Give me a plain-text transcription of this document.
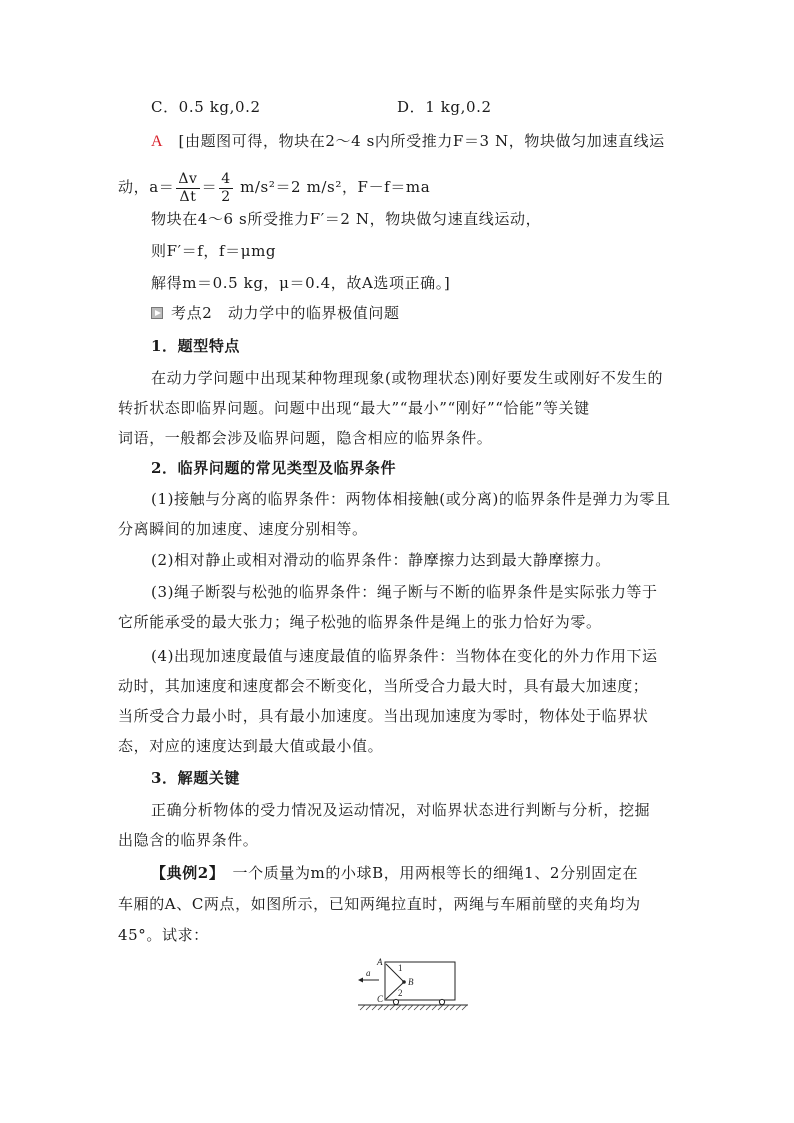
C．0.5 kg,0.2	D．1 kg,0.2
A [由题图可得，物块在2～4 s内所受推力F＝3 N，物块做匀加速直线运
动，$a= \frac{\Delta v}{\Delta t} = \frac{4}{2} m/s^2=2$ m/s²，F－f＝ma
物块在4～6 s所受推力F′＝2 N，物块做匀速直线运动，
则F′＝f，f＝μmg
解得m＝0.5 kg，μ＝0.4，故A选项正确。]
考点2　动力学中的临界极值问题
1．题型特点
在动力学问题中出现某种物理现象(或物理状态)刚好要发生或刚好不发生的
转折状态即临界问题。问题中出现“最大”“最小”“刚好”“恰能”等关键
词语，一般都会涉及临界问题，隐含相应的临界条件。
2．临界问题的常见类型及临界条件
(1)接触与分离的临界条件：两物体相接触(或分离)的临界条件是弹力为零且
分离瞬间的加速度、速度分别相等。
(2)相对静止或相对滑动的临界条件：静摩擦力达到最大静摩擦力。
(3)绳子断裂与松弛的临界条件：绳子断与不断的临界条件是实际张力等于
它所能承受的最大张力；绳子松弛的临界条件是绳上的张力恰好为零。
(4)出现加速度最值与速度最值的临界条件：当物体在变化的外力作用下运
动时，其加速度和速度都会不断变化，当所受合力最大时，具有最大加速度；
当所受合力最小时，具有最小加速度。当出现加速度为零时，物体处于临界状
态，对应的速度达到最大值或最小值。
3．解题关键
正确分析物体的受力情况及运动情况，对临界状态进行判断与分析，挖掘
出隐含的临界条件。
【典例2】　一个质量为m的小球B，用两根等长的细绳1、2分别固定在
车厢的A、C两点，如图所示，已知两绳拉直时，两绳与车厢前壁的夹角均为
45°。试求：
a
A
C
B
1
2
